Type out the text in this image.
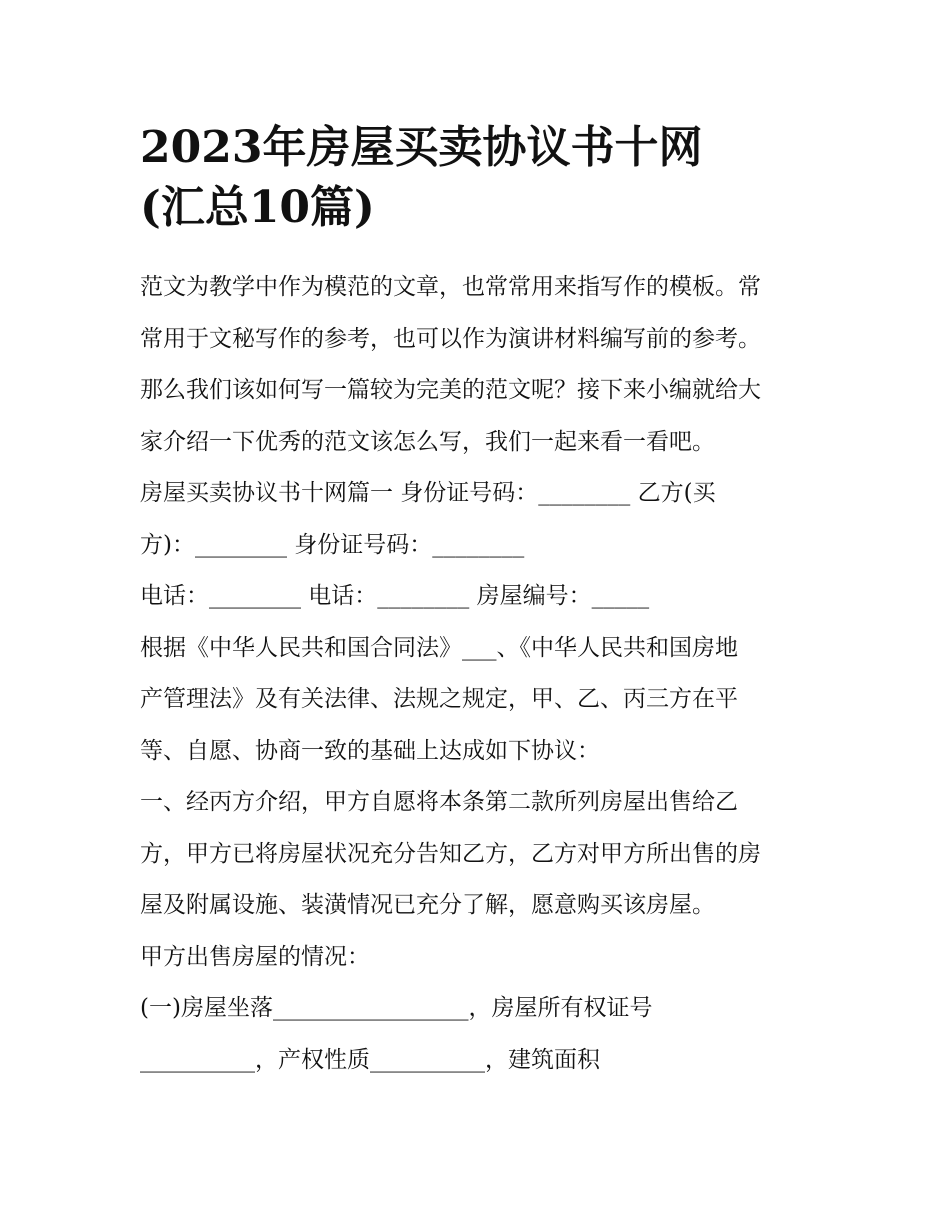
2023年房屋买卖协议书十网
(汇总10篇)

范文为教学中作为模范的文章，也常常用来指写作的模板。常

常用于文秘写作的参考，也可以作为演讲材料编写前的参考。

那么我们该如何写一篇较为完美的范文呢？接下来小编就给大

家介绍一下优秀的范文该怎么写，我们一起来看一看吧。

房屋买卖协议书十网篇一 身份证号码：________ 乙方(买

方)：________ 身份证号码：________

电话：________ 电话：________ 房屋编号：_____

根据《中华人民共和国合同法》___、《中华人民共和国房地

产管理法》及有关法律、法规之规定，甲、乙、丙三方在平

等、自愿、协商一致的基础上达成如下协议：

一、经丙方介绍，甲方自愿将本条第二款所列房屋出售给乙

方，甲方已将房屋状况充分告知乙方，乙方对甲方所出售的房

屋及附属设施、装潢情况已充分了解，愿意购买该房屋。

甲方出售房屋的情况：

(一)房屋坐落_________________，房屋所有权证号

__________，产权性质__________，建筑面积
